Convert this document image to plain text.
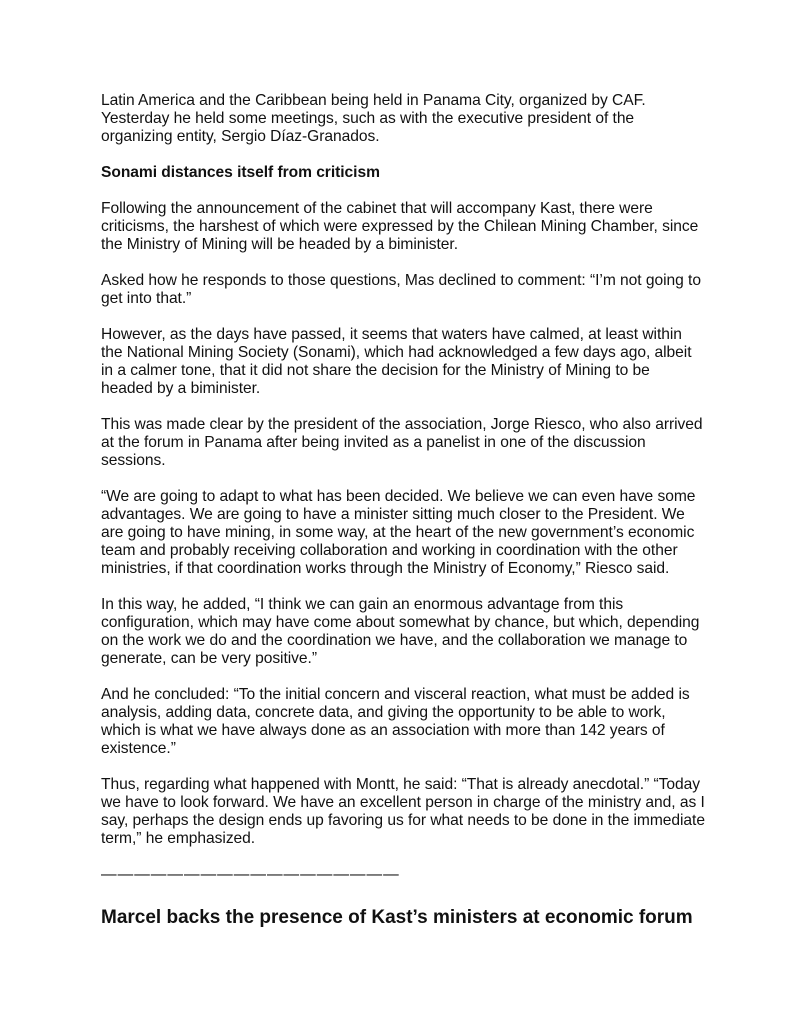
Latin America and the Caribbean being held in Panama City, organized by CAF. Yesterday he held some meetings, such as with the executive president of the organizing entity, Sergio Díaz-Granados.

Sonami distances itself from criticism

Following the announcement of the cabinet that will accompany Kast, there were criticisms, the harshest of which were expressed by the Chilean Mining Chamber, since the Ministry of Mining will be headed by a biminister.

Asked how he responds to those questions, Mas declined to comment: “I’m not going to get into that.”

However, as the days have passed, it seems that waters have calmed, at least within the National Mining Society (Sonami), which had acknowledged a few days ago, albeit in a calmer tone, that it did not share the decision for the Ministry of Mining to be headed by a biminister.

This was made clear by the president of the association, Jorge Riesco, who also arrived at the forum in Panama after being invited as a panelist in one of the discussion sessions.

“We are going to adapt to what has been decided. We believe we can even have some advantages. We are going to have a minister sitting much closer to the President. We are going to have mining, in some way, at the heart of the new government’s economic team and probably receiving collaboration and working in coordination with the other ministries, if that coordination works through the Ministry of Economy,” Riesco said.

In this way, he added, “I think we can gain an enormous advantage from this configuration, which may have come about somewhat by chance, but which, depending on the work we do and the coordination we have, and the collaboration we manage to generate, can be very positive.”

And he concluded: “To the initial concern and visceral reaction, what must be added is analysis, adding data, concrete data, and giving the opportunity to be able to work, which is what we have always done as an association with more than 142 years of existence.”

Thus, regarding what happened with Montt, he said: “That is already anecdotal.” “Today we have to look forward. We have an excellent person in charge of the ministry and, as I say, perhaps the design ends up favoring us for what needs to be done in the immediate term,” he emphasized.

——————————————————
Marcel backs the presence of Kast’s ministers at economic forum
